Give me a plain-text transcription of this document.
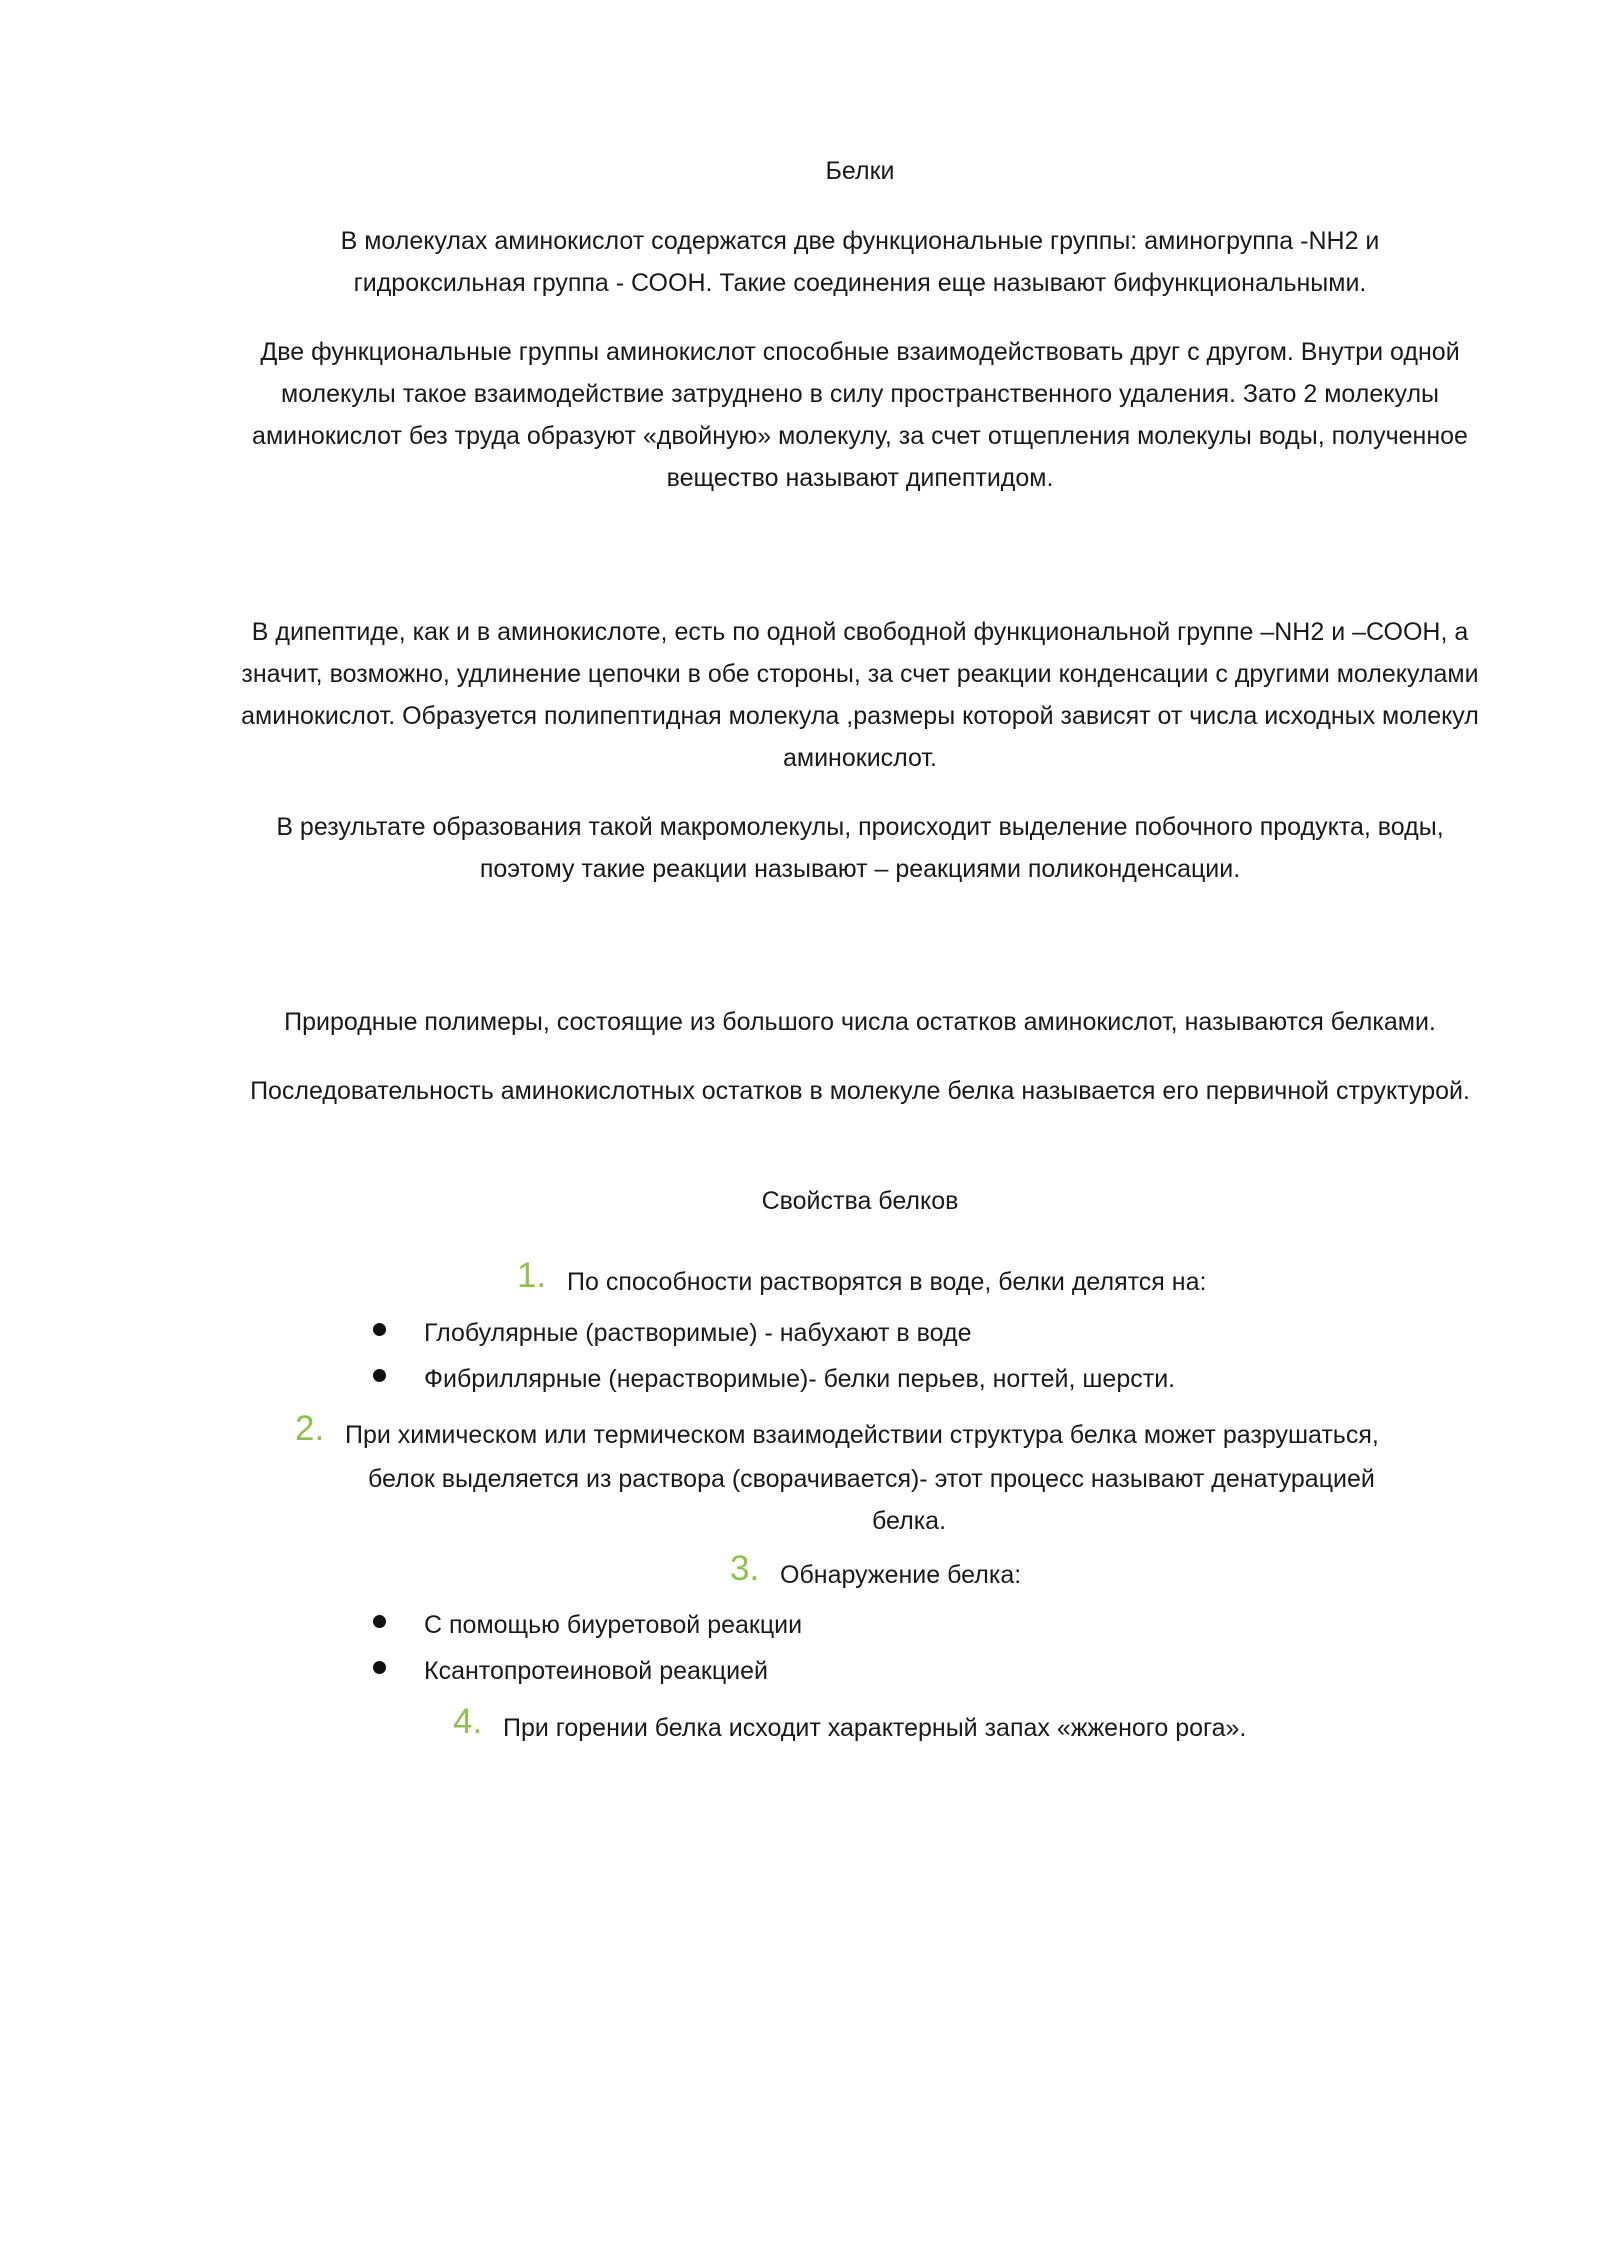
Белки
В молекулах аминокислот содержатся две функциональные группы: аминогруппа -NH2 и гидроксильная группа - СООН. Такие соединения еще называют бифункциональными.
Две функциональные группы аминокислот способные взаимодействовать друг с другом. Внутри одной молекулы такое взаимодействие затруднено в силу пространственного удаления. Зато 2 молекулы аминокислот без труда образуют «двойную» молекулу, за счет отщепления молекулы воды, полученное вещество называют дипептидом.
В дипептиде, как и в аминокислоте, есть по одной свободной функциональной группе –NH2 и –СООН, а значит, возможно, удлинение цепочки в обе стороны, за счет реакции конденсации с другими молекулами аминокислот. Образуется полипептидная молекула ,размеры которой зависят от числа исходных молекул аминокислот.
В результате образования такой макромолекулы, происходит выделение побочного продукта, воды, поэтому такие реакции называют – реакциями поликонденсации.
Природные полимеры, состоящие из большого числа остатков аминокислот, называются белками.
Последовательность аминокислотных остатков в молекуле белка называется его первичной структурой.
Свойства белков
1. По способности растворятся в воде, белки делятся на:
Глобулярные (растворимые) - набухают в воде
Фибриллярные (нерастворимые)- белки перьев, ногтей, шерсти.
2. При химическом или термическом взаимодействии структура белка может разрушаться,
белок выделяется из раствора (сворачивается)- этот процесс называют денатурацией
белка.
3. Обнаружение белка:
С помощью биуретовой реакции
Ксантопротеиновой реакцией
4. При горении белка исходит характерный запах «жженого рога».
